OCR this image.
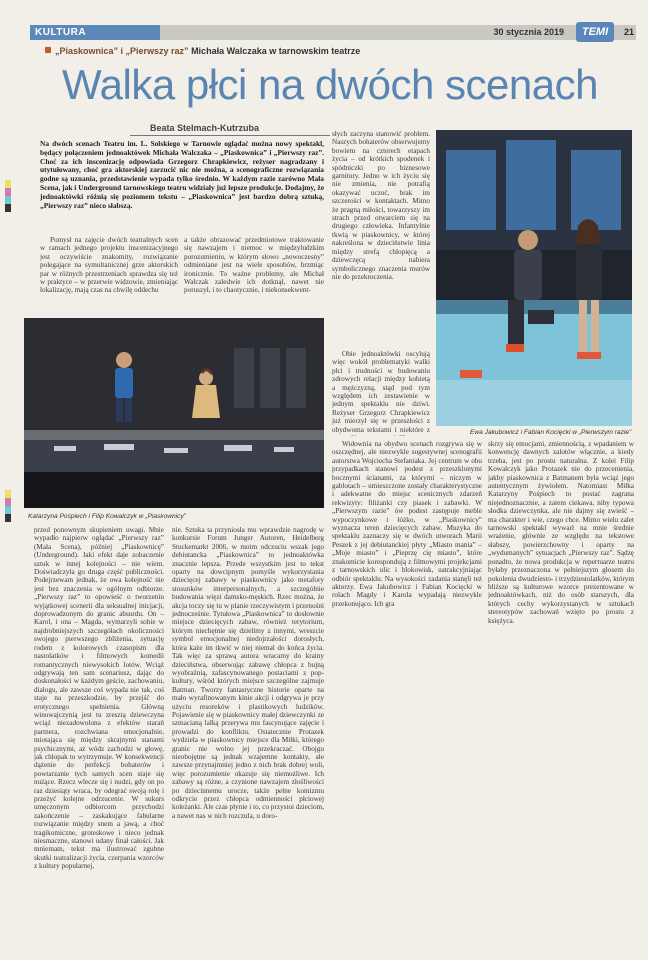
KULTURA	30 stycznia 2019	TEMI	21
„Piaskownica” i „Pierwszy raz” Michała Walczaka w tarnowskim teatrze
Walka płci na dwóch scenach
Beata Stelmach-Kutrzuba
Na dwóch scenach Teatru im. L. Solskiego w Tarnowie oglądać można nowy spektakl, będący połączeniem jednoaktówek Michała Walczaka – „Piaskownica” i „Pierwszy raz”. Choć za ich inscenizację odpowiada Grzegorz Chrapkiewicz, reżyser nagradzany i utytułowany, choć gra aktorskiej zarzucić nic nie można, a scenograficzne rozwiązania godne są uznania, przedstawienie wypada tylko średnio. W każdym razie zarówno Mała Scena, jak i Underground tarnowskiego teatru widziały już lepsze produkcje. Dodajmy, że jednoaktówki różnią się poziomem tekstu – „Piaskownica” jest bardzo dobrą sztuką, „Pierwszy raz” nieco słabszą.

Pomysł na zajęcie dwóch teatralnych scen w ramach jednego projektu inscenizacyjnego jest oczywiście znakomity, rozwiązanie polegające na symultanicznej grze aktorskich par w różnych przestrzeniach sprawdza się też w praktyce – w przerwie widzowie, zmieniając lokalizację, mają czas na chwilę oddechu

a także obrazować przedmiotowe traktowanie się nawzajem i niemoc w międzyludzkim porozumieniu, w którym słowo „nowoczesny” odmieniane jest na wiele sposobów, brzmiąc ironicznie. To ważne problemy, ale Michał Walczak zaledwie ich dotknął, nawet nie poruszył, i to chaotycznie, i niekonsekwent-

Katarzyna Pośpiech i Filip Kowalczyk w „Piaskownicy”
Ewa Jakubowicz i Fabian Kocięcki w „Pierwszym razie”

słych zaczyna stanowić problem. Naszych bohaterów obserwujemy bowiem na czterech etapach życia – od krótkich spodenek i spódniczki po biznesowe garnitury. Jedno w ich życiu się nie zmienia, nie potrafią okazywać uczuć, brak im szczerości w kontaktach. Mimo że pragną miłości, towarzyszy im strach przed otwarciem się na drugiego człowieka. Infantylnie tkwią w piaskownicy, w której nakreślona w dzieciństwie linia między strefą chłopięcą a dziewczęcą nabiera symbolicznego znaczenia murów nie do przekroczenia.

Obie jednoaktówki oscylują więc wokół problematyki walki płci i trudności w budowaniu zdrowych relacji między kobietą a mężczyzną, stąd pod tym względem ich zestawienie w jednym spektaklu nie dziwi. Reżyser Grzegorz Chrapkiewicz już mierzył się w przeszłości z obydwoma tekstami i niektóre z

przed ponownym skupieniem uwagi. Mnie wypadło najpierw oglądać „Pierwszy raz” (Mała Scena), później „Piaskownicę” (Underground). Jaki efekt daje zobaczenie sztuk w innej kolejności – nie wiem. Doświadczyła go druga część publiczności. Podejrzewam jednak, że owa kolejność nie jest bez znaczenia w ogólnym odbiorze. „Pierwszy raz” to opowieść o tworzeniu wyjątkowej scenerii dla seksualnej inicjacji, doprowadzonym do granic absurdu. On – Karol, i ona – Magda, wymarzyli sobie w najdrobniejszych szczegółach okoliczności swojego pierwszego zbliżenia, sytuację rodem z kolorowych czasopism dla nastolatków i filmowych komedii romantycznych niewysokich lotów. Wciąż odgrywają ten sam scenariusz, dając do doskonałości w każdym geście, zachowaniu, dialogu, ale zawsze coś wypada nie tak, coś staje na przeszkodzie, by przejść do erotycznego spełnienia. Główną winowajczynią jest tu zresztą dziewczyna wciąż niezadowolona z efektów starań partnera, rozchwiana emocjonalnie, miotająca się między skrajnymi stanami psychicznymi, aż wódz zachodzi w głowę, jak chłopak to wytrzymuje. W konsekwencji dążenie do perfekcji bohaterów i powtarzanie tych samych scen staje się nużące. Rzecz wlecze się i nudzi, gdy on po raz dziesiąty wraca, by odegrać swoją rolę i przeżyć kolejne odrzucenie. W sukurs umęczonym odbiorcom przychodzi zakończenie – zaskakujące fabularne rozwiązanie między snem a jawą, a choć tragikomiczne, groteskowe i nieco jednak niesmaczne, stanowi udany finał całości. Jak mniemam, tekst ma ilustrować zgubne skutki teatralizacji życia, czerpania wzorców z kultury popularnej,

nie. Sztuka ta przyniosła mu wprawdzie nagrodę w konkursie Forum Junger Autoren, Heidelberg Stuckemarkt 2006, w moim odczuciu wszak jego debiutancka „Piaskownica” to jednoaktówka znacznie lepsza. Przede wszystkim jest to tekst oparty na dowcipnym pomyśle wykorzystania dziecięcej zabawy w piaskownicy jako metafory stosunków interpersonalnych, a szczególnie budowania więzi damsko-męskich. Rzec można, że akcja toczy się tu w planie rzeczywistym i przenośni jednocześnie. Tytułowa „Piaskownica” to dosłownie miejsce dziecięcych zabaw, również terytorium, którym niechętnie się dzielimy z innymi, wreszcie symbol emocjonalnej niedojrzałości dorosłych, która każe im tkwić w niej niemal do końca życia. Tak więc za sprawą autora wracamy do krainy dzieciństwa, obserwując zabawę chłopca z bujną wyobraźnią, zafascynowanego postaciami z pop-kultury, wśród których miejsce szczególne zajmuje Batman. Tworzy fantastyczne historie oparte na mało wyrafinowanym kinie akcji i odgrywa je przy użyciu resoreków i plastikowych ludzików. Pojawienie się w piaskownicy małej dziewczynki ze szmacianą lalką przerywa mu fascynujące zajęcie i prowadzi do konfliktu. Ostatecznie Protazek wydziela w piaskownicy miejsce dla Miłki, którego granic nie wolno jej przekraczać. Obojgu nieobojętne są jednak wzajemne kontakty, ale zawsze przynajmniej jedno z nich brak dobrej woli, więc porozumienie okazuje się niemożliwe. Ich zabawy są różne, a czynione nawzajem złośliwości po dziecinnemu urocze, także pełne komizmu odkrycie przez chłopca odmienności płciowej koleżanki. Ale czas płynie i to, co przystoi dzieciom, a nawet nas w nich rozczula, u doro-

Widownia na obydwu scenach rozgrywa się w oszczędnej, ale niezwykle sugestywnej scenografii autorstwa Wojciecha Stefaniaka. Jej centrum w obu przypadkach stanowi podest z przeszklonymi bocznymi ścianami, za którymi – niczym w gablotach – umieszczone zostały charakterystyczne i adekwatne do miejsc scenicznych zdarzeń rekwizyty: filiżanki czy piasek i zabawki. W „Pierwszym razie” ów podest zastępuje meble wypoczynkowe i łóżko, w „Piaskownicy” wyznacza teren dziecięcych zabaw. Muzyka do spektaklu zaznaczy się w dwóch utworach Marii Peszek z jej debiutanckiej płyty „Miasto mania” – „Moje miasto” i „Pieprzę cię miasto”, które znakomicie korespondują z filmowymi projekcjami z tarnowskich ulic i blokowisk, uatrakcyjniając odbiór spektaklu. Na wysokości zadania stanęli też aktorzy. Ewa Jakubowicz i Fabian Kocięcki w rolach Magdy i Karola wypadają niezwykle przekonująco. Ich gra

skrzy się emocjami, zmiennością, z wpadaniem w konwencję dawnych zalotów włącznie, a kiedy trzeba, jest po prostu naturalna. Z kolei Filip Kowalczyk jako Protazek nie do przecenienia, jakby piaskownica z Batmanem była wciąż jego autentycznym żywiołem. Natomiast Miłka Katarzyny Pośpiech to postać zagrana niejednoznacznie, a zatem ciekawa, niby typowa słodka dziewczynka, ale nie dajmy się zwieść – ma charakter i wie, czego chce. Mimo wielu zalet tarnowski spektakl wywarł na mnie średnie wrażenie, głównie ze względu na tekstowe słabszy, powierzchowny i oparty na „wydumanych” sytuacjach „Pierwszy raz”. Sądzę ponadto, że nowa produkcja w repertuarze teatru byłaby przeznaczona w pełniejszym głosem do pokolenia dwudziesto- i trzydziestolatków, którym bliższe są kulturowe wzorce prezentowane w jednoaktówkach, niż do osób starszych, dla których cechy wykorzystanych w sztukach stereotypów zachowań wzięto po prostu z księżyca.
